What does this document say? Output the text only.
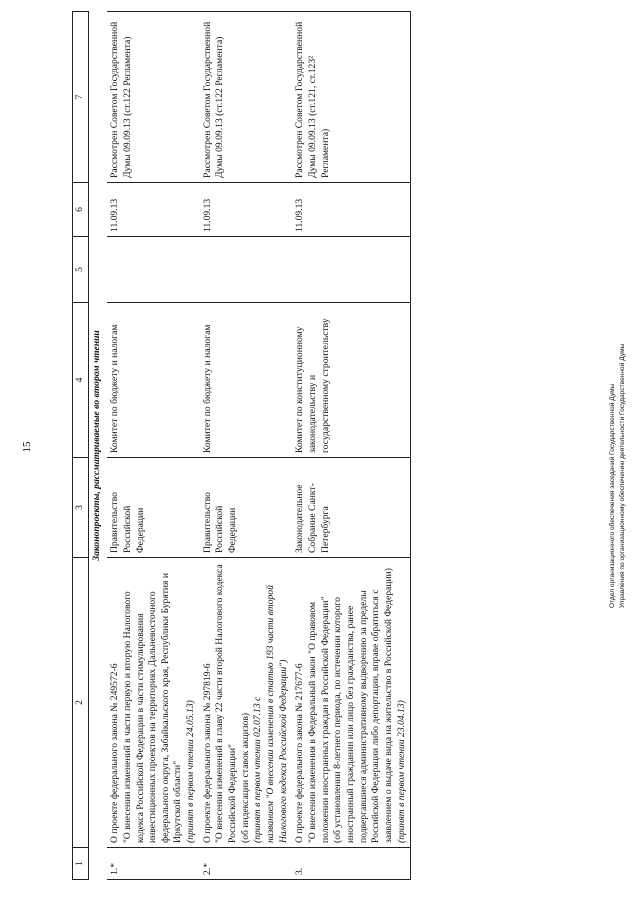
15
1	2	3	4	5	6	7
Законопроекты, рассматриваемые во втором чтении						
1.*	О проекте федерального закона № 249572-6 "О внесении изменений в части первую и вторую Налогового кодекса Российской Федерации в части стимулирования инвестиционных проектов на территориях Дальневосточного федерального округа, Забайкальского края, Республики Бурятия и Иркутской области" (принят в первом чтении 24.05.13)	Правительство Российской Федерации	Комитет по бюджету и налогам		11.09.13	Рассмотрен Советом Государственной Думы 09.09.13 (ст.122 Регламента)
2.*	О проекте федерального закона № 297819-6 "О внесении изменений в главу 22 части второй Налогового кодекса Российской Федерации" (об индексации ставок акцизов) (принят в первом чтении 02.07.13 с названием "О внесении изменения в статью 193 части второй Налогового кодекса Российской Федерации")	Правительство Российской Федерации	Комитет по бюджету и налогам		11.09.13	Рассмотрен Советом Государственной Думы 09.09.13 (ст.122 Регламента)
3.	О проекте федерального закона № 217677-6 "О внесении изменения в Федеральный закон "О правовом положении иностранных граждан в Российской Федерации" (об установлении 8-летнего периода, по истечении которого иностранный гражданин или лицо без гражданства, ранее подвергавшиеся административному выдворению за пределы Российской Федерации либо депортации, вправе обратиться с заявлением о выдаче вида на жительство в Российской Федерации) (принят в первом чтении 23.04.13)	Законодательное Собрание Санкт-Петербурга	Комитет по конституционному законодательству и государственному строительству		11.09.13	Рассмотрен Советом Государственной Думы 09.09.13 (ст.121, ст.123² Регламента)
Отдел организационного обеспечения заседаний Государственной Думы Управления по организационному обеспечению деятельности Государственной Думы
